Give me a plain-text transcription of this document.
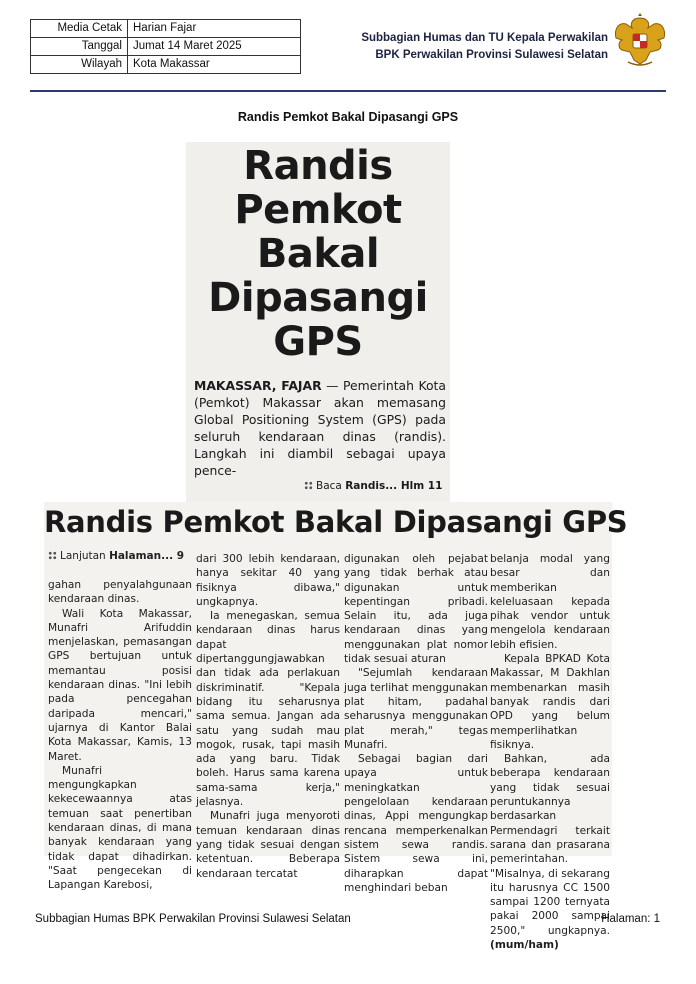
Media Cetak	Harian Fajar
Tanggal	Jumat 14 Maret 2025
Wilayah	Kota Makassar
Subbagian Humas dan TU Kepala Perwakilan
BPK Perwakilan Provinsi Sulawesi Selatan
Randis Pemkot Bakal Dipasangi GPS
Randis Pemkot Bakal Dipasangi GPS
MAKASSAR, FAJAR — Pemerintah Kota (Pemkot) Makassar akan memasang Global Positioning System (GPS) pada seluruh kendaraan dinas (randis). Langkah ini diambil sebagai upaya pence-
Baca Randis... Hlm 11
Randis Pemkot Bakal Dipasangi GPS
Lanjutan Halaman... 9

gahan penyalahgunaan kendaraan dinas.

Wali Kota Makassar, Munafri Arifuddin menjelaskan, pemasangan GPS bertujuan untuk memantau posisi kendaraan dinas. "Ini lebih pada pencegahan daripada mencari," ujarnya di Kantor Balai Kota Makassar, Kamis, 13 Maret.

Munafri mengungkapkan kekecewaannya atas temuan saat penertiban kendaraan dinas, di mana banyak kendaraan yang tidak dapat dihadirkan. "Saat pengecekan di Lapangan Karebosi,

dari 300 lebih kendaraan, hanya sekitar 40 yang fisiknya dibawa," ungkapnya.

Ia menegaskan, semua kendaraan dinas harus dapat dipertanggungjawabkan dan tidak ada perlakuan diskriminatif. "Kepala bidang itu seharusnya sama semua. Jangan ada satu yang sudah mau mogok, rusak, tapi masih ada yang baru. Tidak boleh. Harus sama karena sama-sama kerja," jelasnya.

Munafri juga menyoroti temuan kendaraan dinas yang tidak sesuai dengan ketentuan. Beberapa kendaraan tercatat

digunakan oleh pejabat yang tidak berhak atau digunakan untuk kepentingan pribadi. Selain itu, ada juga kendaraan dinas yang menggunakan plat nomor tidak sesuai aturan

"Sejumlah kendaraan juga terlihat menggunakan plat hitam, padahal seharusnya menggunakan plat merah," tegas Munafri.

Sebagai bagian dari upaya untuk meningkatkan pengelolaan kendaraan dinas, Appi mengungkap rencana memperkenalkan sistem sewa randis. Sistem sewa ini, diharapkan dapat menghindari beban

belanja modal yang besar dan memberikan keleluasaan kepada pihak vendor untuk mengelola kendaraan lebih efisien.

Kepala BPKAD Kota Makassar, M Dakhlan membenarkan masih banyak randis dari OPD yang belum memperlihatkan fisiknya.

Bahkan, ada beberapa kendaraan yang tidak sesuai peruntukannya berdasarkan Permendagri terkait sarana dan prasarana pemerintahan. "Misalnya, di sekarang itu harusnya CC 1500 sampai 1200 ternyata pakai 2000 sampai 2500," ungkapnya. (mum/ham)

Subbagian Humas BPK Perwakilan Provinsi Sulawesi Selatan	Halaman: 1
